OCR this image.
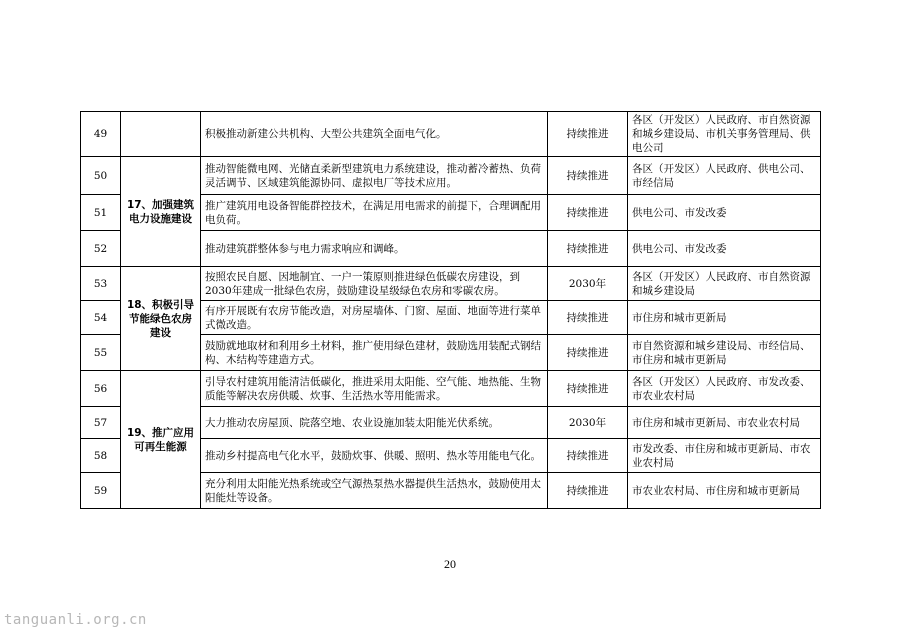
49		积极推动新建公共机构、大型公共建筑全面电气化。	持续推进	各区（开发区）人民政府、市自然资源和城乡建设局、市机关事务管理局、供电公司
50	17、加强建筑电力设施建设	推动智能微电网、光储直柔新型建筑电力系统建设，推动蓄冷蓄热、负荷灵活调节、区域建筑能源协同、虚拟电厂等技术应用。	持续推进	各区（开发区）人民政府、供电公司、市经信局
51		推广建筑用电设备智能群控技术，在满足用电需求的前提下，合理调配用电负荷。	持续推进	供电公司、市发改委
52		推动建筑群整体参与电力需求响应和调峰。	持续推进	供电公司、市发改委
53	18、积极引导节能绿色农房建设	按照农民自愿、因地制宜、一户一策原则推进绿色低碳农房建设，到2030年建成一批绿色农房，鼓励建设星级绿色农房和零碳农房。	2030年	各区（开发区）人民政府、市自然资源和城乡建设局
54		有序开展既有农房节能改造，对房屋墙体、门窗、屋面、地面等进行菜单式微改造。	持续推进	市住房和城市更新局
55		鼓励就地取材和利用乡土材料，推广使用绿色建材，鼓励选用装配式钢结构、木结构等建造方式。	持续推进	市自然资源和城乡建设局、市经信局、市住房和城市更新局
56	19、推广应用可再生能源	引导农村建筑用能清洁低碳化，推进采用太阳能、空气能、地热能、生物质能等解决农房供暖、炊事、生活热水等用能需求。	持续推进	各区（开发区）人民政府、市发改委、市农业农村局
57		大力推动农房屋顶、院落空地、农业设施加装太阳能光伏系统。	2030年	市住房和城市更新局、市农业农村局
58		推动乡村提高电气化水平，鼓励炊事、供暖、照明、热水等用能电气化。	持续推进	市发改委、市住房和城市更新局、市农业农村局
59		充分利用太阳能光热系统或空气源热泵热水器提供生活热水，鼓励使用太阳能灶等设备。	持续推进	市农业农村局、市住房和城市更新局
20
tanguanli.org.cn
